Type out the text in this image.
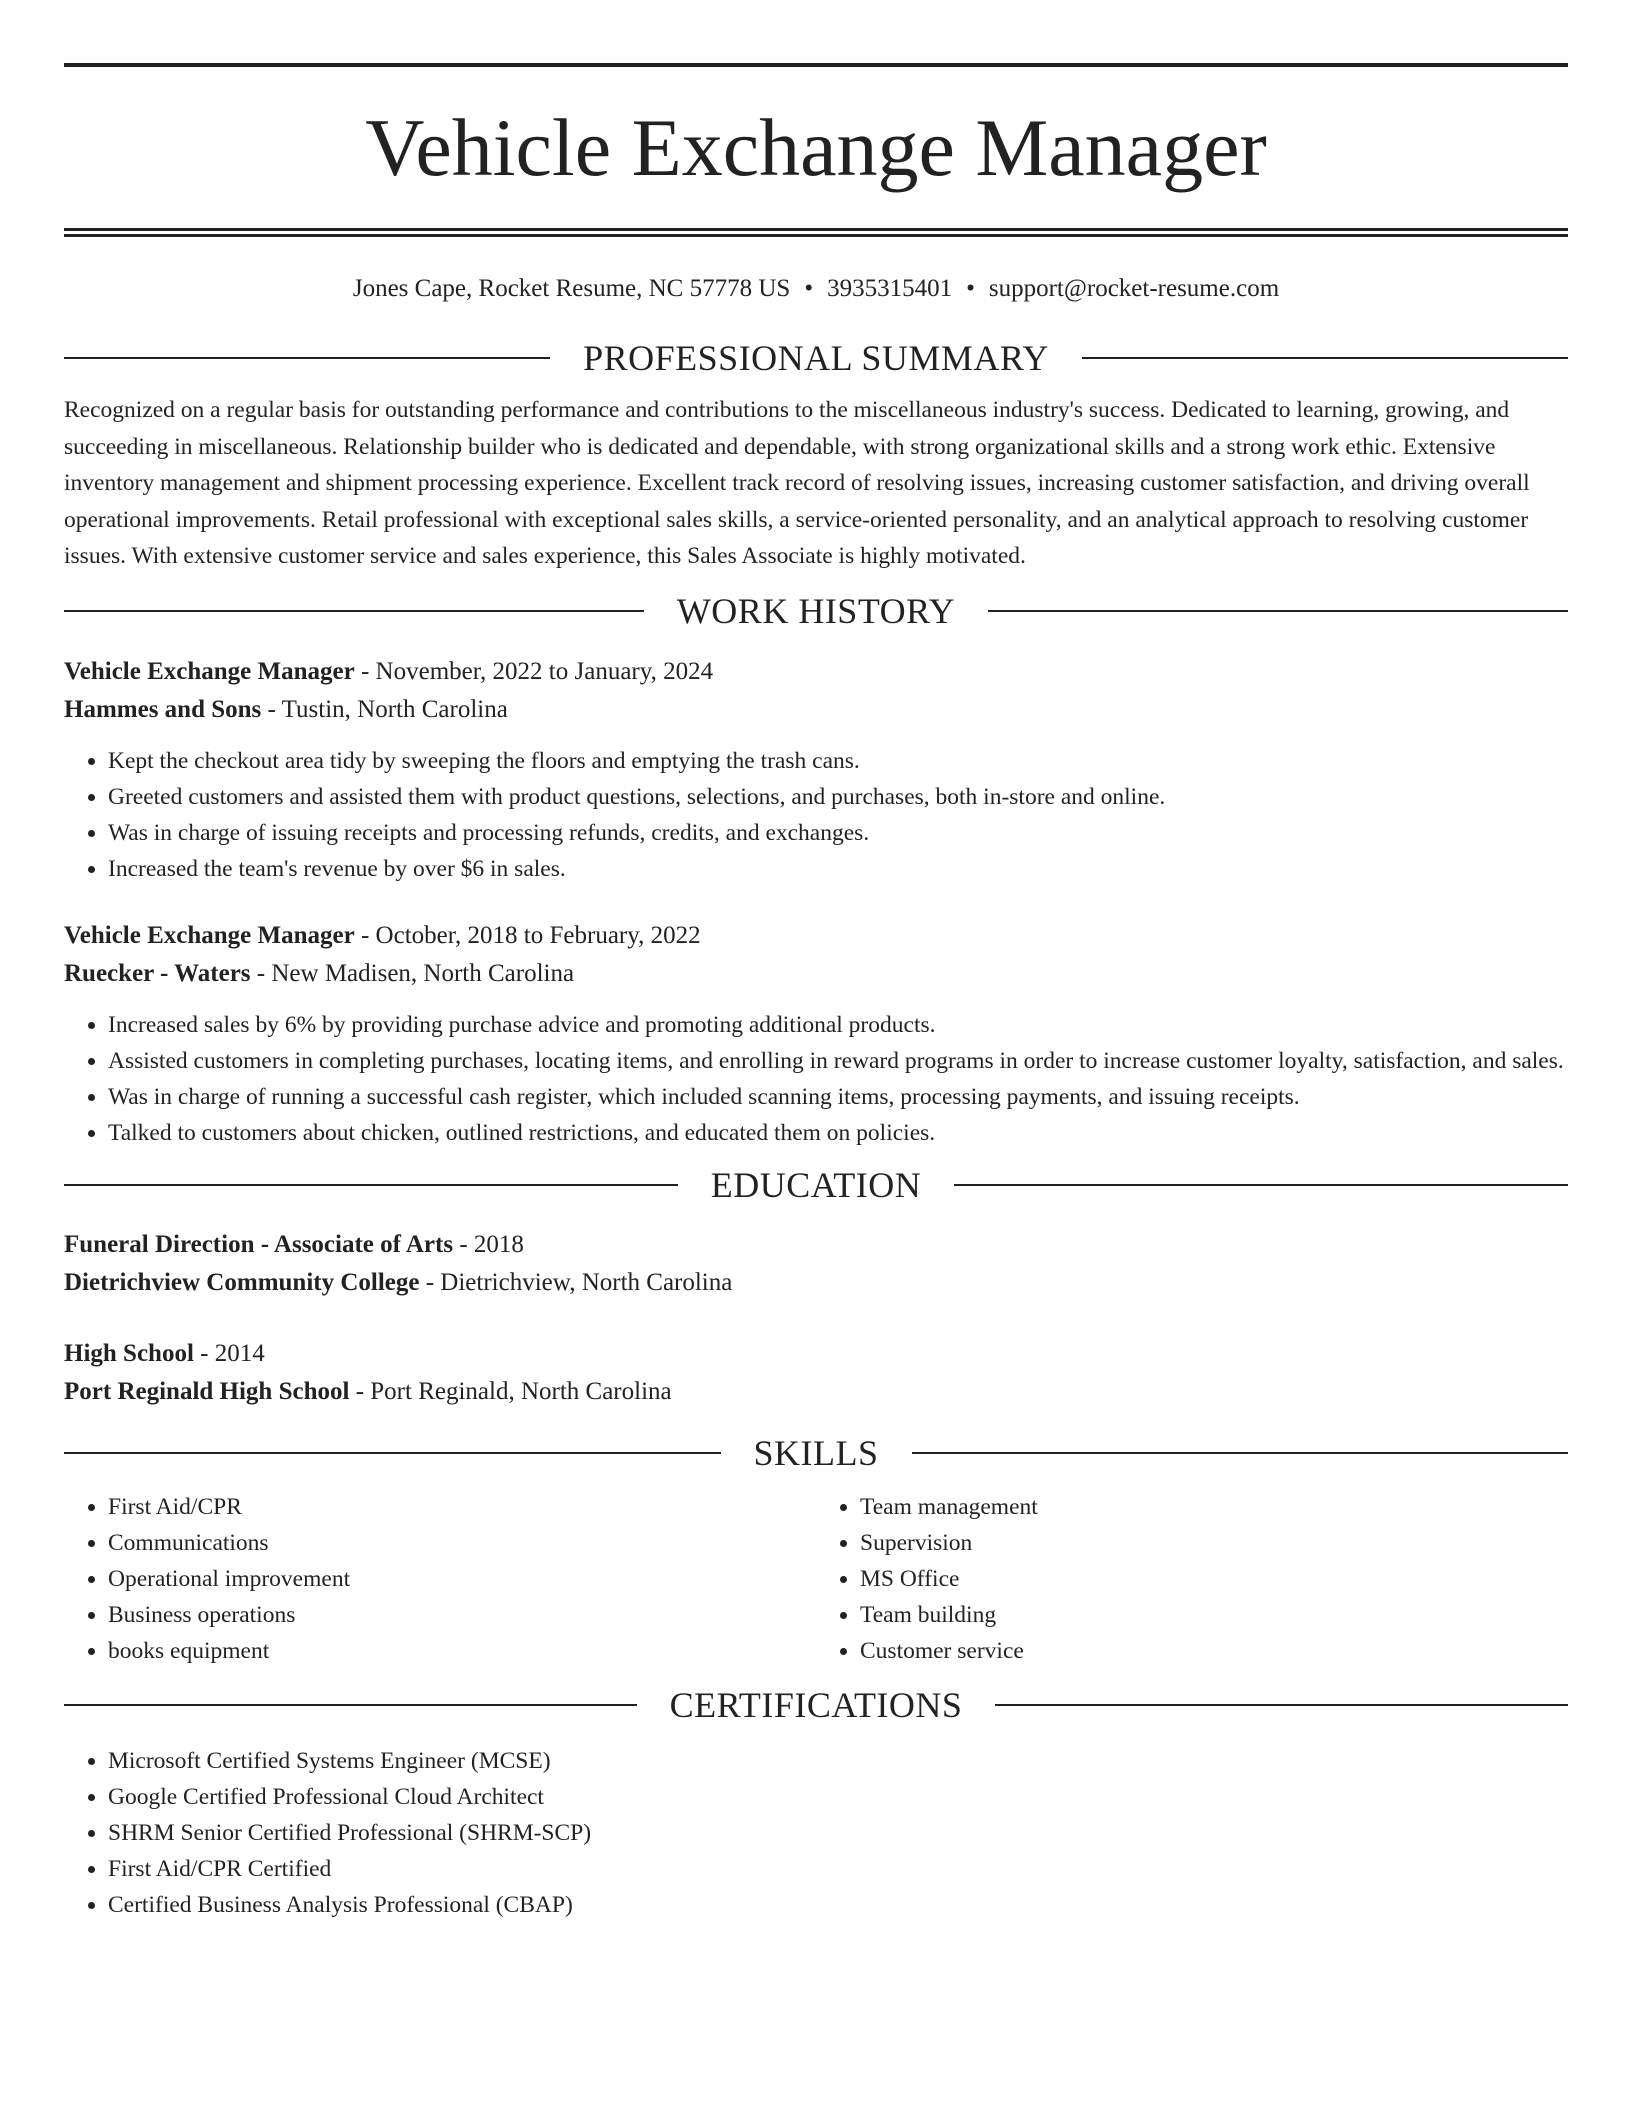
Vehicle Exchange Manager
Jones Cape, Rocket Resume, NC 57778 US • 3935315401 • support@rocket-resume.com
PROFESSIONAL SUMMARY

Recognized on a regular basis for outstanding performance and contributions to the miscellaneous industry's success. Dedicated to learning, growing, and succeeding in miscellaneous. Relationship builder who is dedicated and dependable, with strong organizational skills and a strong work ethic. Extensive inventory management and shipment processing experience. Excellent track record of resolving issues, increasing customer satisfaction, and driving overall operational improvements. Retail professional with exceptional sales skills, a service-oriented personality, and an analytical approach to resolving customer issues. With extensive customer service and sales experience, this Sales Associate is highly motivated.

WORK HISTORY
Vehicle Exchange Manager - November, 2022 to January, 2024
Hammes and Sons - Tustin, North Carolina
• Kept the checkout area tidy by sweeping the floors and emptying the trash cans.
• Greeted customers and assisted them with product questions, selections, and purchases, both in-store and online.
• Was in charge of issuing receipts and processing refunds, credits, and exchanges.
• Increased the team's revenue by over $6 in sales.
Vehicle Exchange Manager - October, 2018 to February, 2022
Ruecker - Waters - New Madisen, North Carolina
• Increased sales by 6% by providing purchase advice and promoting additional products.
• Assisted customers in completing purchases, locating items, and enrolling in reward programs in order to increase customer loyalty, satisfaction, and sales.
• Was in charge of running a successful cash register, which included scanning items, processing payments, and issuing receipts.
• Talked to customers about chicken, outlined restrictions, and educated them on policies.
EDUCATION
Funeral Direction - Associate of Arts - 2018
Dietrichview Community College - Dietrichview, North Carolina
High School - 2014
Port Reginald High School - Port Reginald, North Carolina
SKILLS
• First Aid/CPR
• Communications
• Operational improvement
• Business operations
• books equipment
• Team management
• Supervision
• MS Office
• Team building
• Customer service
CERTIFICATIONS
• Microsoft Certified Systems Engineer (MCSE)
• Google Certified Professional Cloud Architect
• SHRM Senior Certified Professional (SHRM-SCP)
• First Aid/CPR Certified
• Certified Business Analysis Professional (CBAP)
